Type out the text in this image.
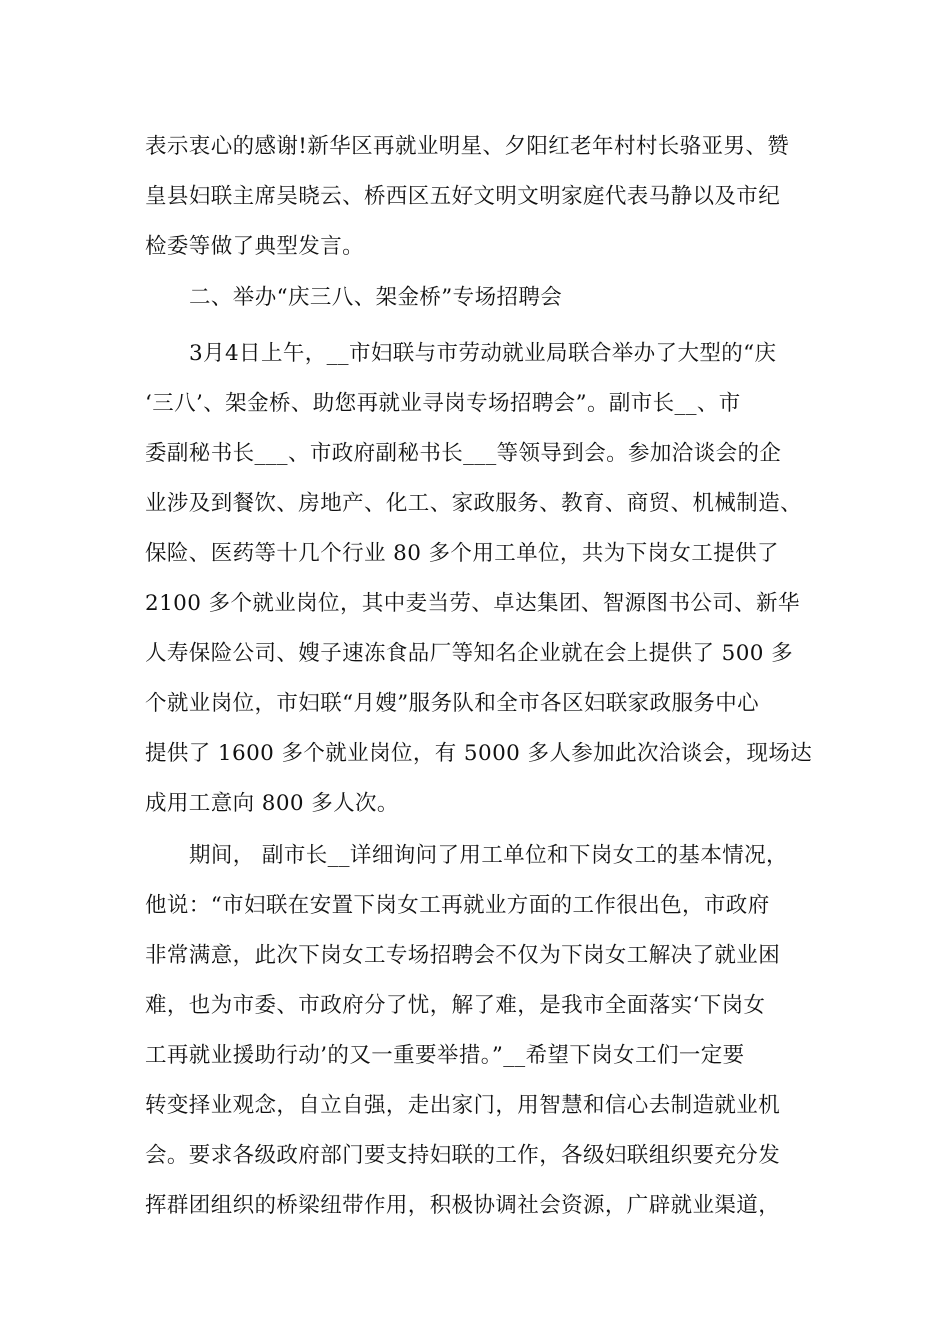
表示衷心的感谢!新华区再就业明星、夕阳红老年村村长骆亚男、赞
皇县妇联主席吴晓云、桥西区五好文明文明家庭代表马静以及市纪
检委等做了典型发言。
二、举办“庆三八、架金桥”专场招聘会
3月4日上午，__市妇联与市劳动就业局联合举办了大型的“庆
‘三八’、架金桥、助您再就业寻岗专场招聘会”。副市长__、市
委副秘书长___、市政府副秘书长___等领导到会。参加洽谈会的企
业涉及到餐饮、房地产、化工、家政服务、教育、商贸、机械制造、
保险、医药等十几个行业 80 多个用工单位，共为下岗女工提供了
2100 多个就业岗位，其中麦当劳、卓达集团、智源图书公司、新华
人寿保险公司、嫂子速冻食品厂等知名企业就在会上提供了 500 多
个就业岗位，市妇联“月嫂”服务队和全市各区妇联家政服务中心
提供了 1600 多个就业岗位，有 5000 多人参加此次洽谈会，现场达
成用工意向 800 多人次。
期间， 副市长__详细询问了用工单位和下岗女工的基本情况，
他说：“市妇联在安置下岗女工再就业方面的工作很出色，市政府
非常满意，此次下岗女工专场招聘会不仅为下岗女工解决了就业困
难，也为市委、市政府分了忧，解了难，是我市全面落实‘下岗女
工再就业援助行动’的又一重要举措。”__希望下岗女工们一定要
转变择业观念，自立自强，走出家门，用智慧和信心去制造就业机
会。要求各级政府部门要支持妇联的工作，各级妇联组织要充分发
挥群团组织的桥梁纽带作用，积极协调社会资源，广辟就业渠道，
